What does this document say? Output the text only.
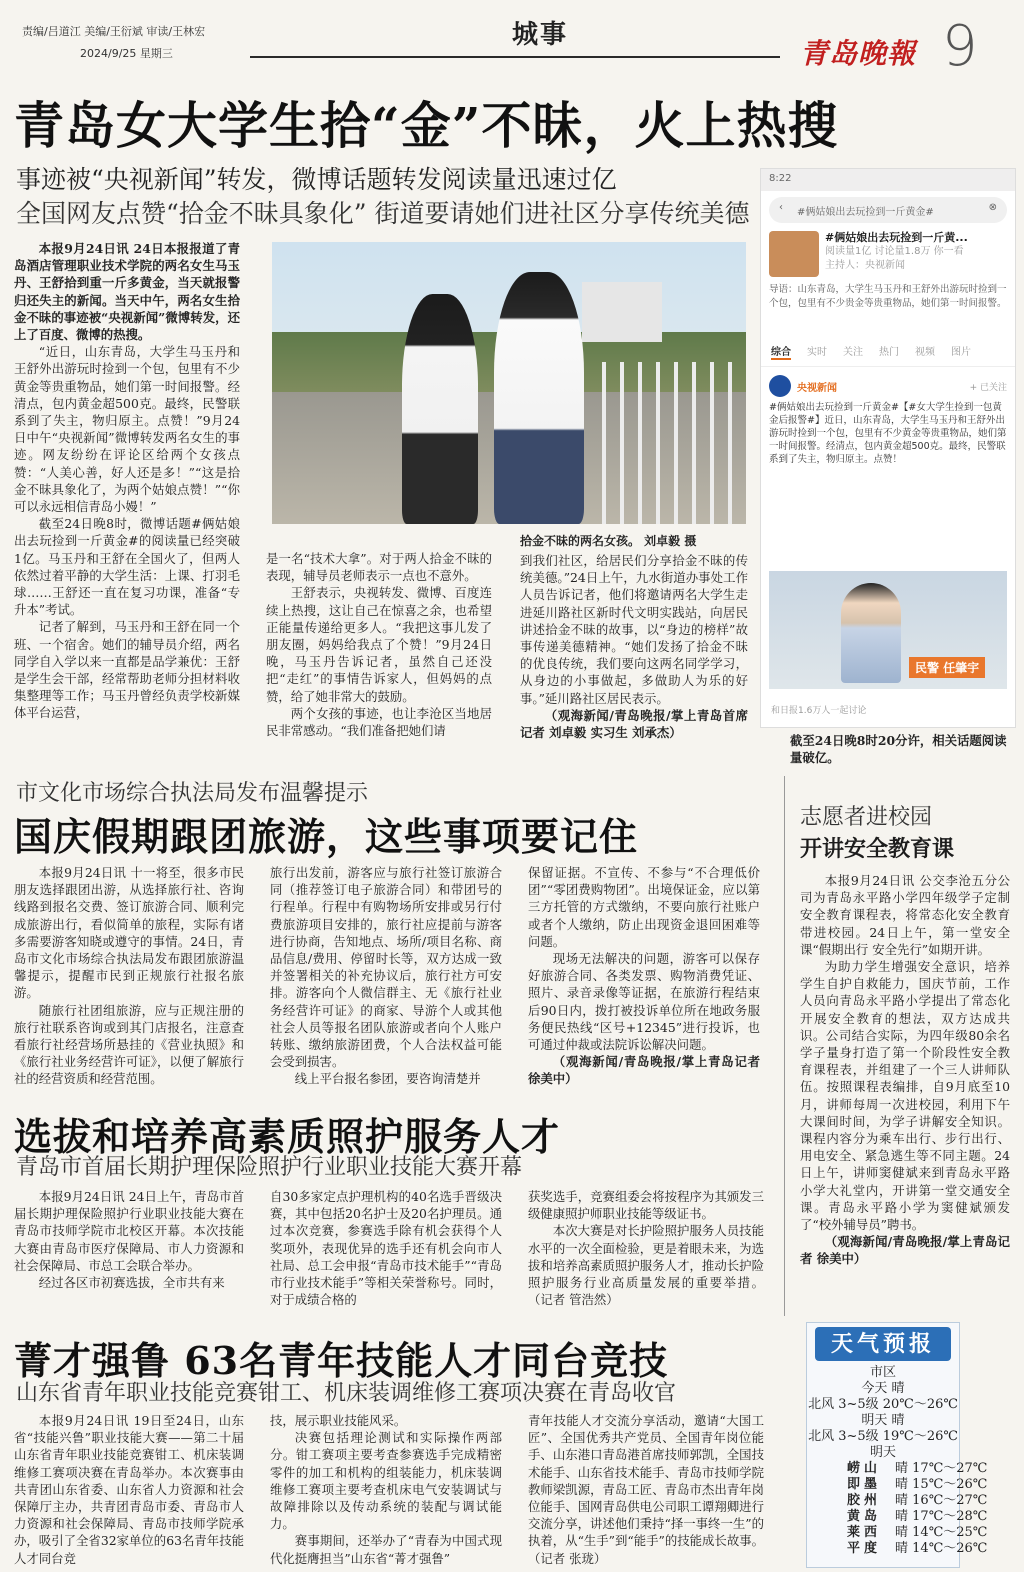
责编/吕道江 美编/王衍斌 审读/王林宏
2024/9/25 星期三
城事
青岛晚報 9
青岛女大学生拾“金”不昧，火上热搜
事迹被“央视新闻”转发，微博话题转发阅读量迅速过亿
全国网友点赞“拾金不昧具象化” 街道要请她们进社区分享传统美德
拾金不昧的两名女孩。 刘卓毅 摄

本报9月24日讯 24日本报报道了青岛酒店管理职业技术学院的两名女生马玉丹、王舒拾到重一斤多黄金，当天就报警归还失主的新闻。当天中午，两名女生拾金不昧的事迹被“央视新闻”微博转发，还上了百度、微博的热搜。

“近日，山东青岛，大学生马玉丹和王舒外出游玩时捡到一个包，包里有不少黄金等贵重物品，她们第一时间报警。经清点，包内黄金超500克。最终，民警联系到了失主，物归原主。点赞！”9月24日中午“央视新闻”微博转发两名女生的事迹。网友纷纷在评论区给两个女孩点赞：“人美心善，好人还是多！”“这是拾金不昧具象化了，为两个姑娘点赞！”“你可以永远相信青岛小嫚！”

截至24日晚8时，微博话题#俩姑娘出去玩捡到一斤黄金#的阅读量已经突破1亿。马玉丹和王舒在全国火了，但两人依然过着平静的大学生活：上课、打羽毛球……王舒还一直在复习功课，准备“专升本”考试。

记者了解到，马玉丹和王舒在同一个班、一个宿舍。她们的辅导员介绍，两名同学自入学以来一直都是品学兼优：王舒是学生会干部，经常帮助老师分担材料收集整理等工作；马玉丹曾经负责学校新媒体平台运营，

是一名“技术大拿”。对于两人拾金不昧的表现，辅导员老师表示一点也不意外。

王舒表示，央视转发、微博、百度连续上热搜，这让自己在惊喜之余，也希望正能量传递给更多人。“我把这事儿发了朋友圈，妈妈给我点了个赞！”9月24日晚，马玉丹告诉记者，虽然自己还没把“走红”的事情告诉家人，但妈妈的点赞，给了她非常大的鼓励。

两个女孩的事迹，也让李沧区当地居民非常感动。“我们准备把她们请

到我们社区，给居民们分享拾金不昧的传统美德。”24日上午，九水街道办事处工作人员告诉记者，他们将邀请两名大学生走进延川路社区新时代文明实践站，向居民讲述拾金不昧的故事，以“身边的榜样”故事传递美德精神。“她们发扬了拾金不昧的优良传统，我们要向这两名同学学习，从身边的小事做起，多做助人为乐的好事。”延川路社区居民表示。

（观海新闻/青岛晚报/掌上青岛首席记者 刘卓毅 实习生 刘承杰）

8:22
‹ #俩姑娘出去玩捡到一斤黄金#	⊗
#俩姑娘出去玩捡到一斤黄...
阅读量1亿 讨论量1.8万 你一看
主持人：央视新闻
导语：山东青岛，大学生马玉丹和王舒外出游玩时捡到一个包，包里有不少贵金等贵重物品，她们第一时间报警。
综合 实时 关注 热门 视频 图片
央视新闻	+ 已关注
#俩姑娘出去玩捡到一斤黄金#【#女大学生捡到一包黄金后报警#】近日，山东青岛，大学生马玉丹和王舒外出游玩时捡到一个包，包里有不少黄金等贵重物品，她们第一时间报警。经清点，包内黄金超500克。最终，民警联系到了失主，物归原主。点赞！
民警 任肇宇
和日报1.6万人一起讨论
截至24日晚8时20分许，相关话题阅读量破亿。
市文化市场综合执法局发布温馨提示
国庆假期跟团旅游，这些事项要记住

本报9月24日讯 十一将至，很多市民朋友选择跟团出游，从选择旅行社、咨询线路到报名交费、签订旅游合同、顺利完成旅游出行，看似简单的旅程，实际有诸多需要游客知晓或遵守的事情。24日，青岛市文化市场综合执法局发布跟团旅游温馨提示，提醒市民到正规旅行社报名旅游。

随旅行社团组旅游，应与正规注册的旅行社联系咨询或到其门店报名，注意查看旅行社经营场所悬挂的《营业执照》和《旅行社业务经营许可证》，以便了解旅行社的经营资质和经营范围。

旅行出发前，游客应与旅行社签订旅游合同（推荐签订电子旅游合同）和带团号的行程单。行程中有购物场所安排或另行付费旅游项目安排的，旅行社应提前与游客进行协商，告知地点、场所/项目名称、商品信息/费用、停留时长等，双方达成一致并签署相关的补充协议后，旅行社方可安排。游客向个人微信群主、无《旅行社业务经营许可证》的商家、导游个人或其他社会人员等报名团队旅游或者向个人账户转账、缴纳旅游团费，个人合法权益可能会受到损害。

线上平台报名参团，要咨询清楚并

保留证据。不宣传、不参与“不合理低价团”“零团费购物团”。出境保证金，应以第三方托管的方式缴纳，不要向旅行社账户或者个人缴纳，防止出现资金退回困难等问题。

现场无法解决的问题，游客可以保存好旅游合同、各类发票、购物消费凭证、照片、录音录像等证据，在旅游行程结束后90日内，拨打被投诉单位所在地政务服务便民热线“区号+12345”进行投诉，也可通过仲裁或法院诉讼解决问题。

（观海新闻/青岛晚报/掌上青岛记者 徐美中）

志愿者进校园
开讲安全教育课

本报9月24日讯 公交李沧五分公司为青岛永平路小学四年级学子定制安全教育课程表，将常态化安全教育带进校园。24日上午，第一堂安全课“假期出行 安全先行”如期开讲。

为助力学生增强安全意识，培养学生自护自救能力，国庆节前，工作人员向青岛永平路小学提出了常态化开展安全教育的想法，双方达成共识。公司结合实际，为四年级80余名学子量身打造了第一个阶段性安全教育课程表，并组建了一个三人讲师队伍。按照课程表编排，自9月底至10月，讲师每周一次进校园，利用下午大课间时间，为学子讲解安全知识。课程内容分为乘车出行、步行出行、用电安全、紧急逃生等不同主题。24日上午，讲师窦健斌来到青岛永平路小学大礼堂内，开讲第一堂交通安全课。青岛永平路小学为窦健斌颁发了“校外辅导员”聘书。

（观海新闻/青岛晚报/掌上青岛记者 徐美中）

选拔和培养高素质照护服务人才
青岛市首届长期护理保险照护行业职业技能大赛开幕

本报9月24日讯 24日上午，青岛市首届长期护理保险照护行业职业技能大赛在青岛市技师学院市北校区开幕。本次技能大赛由青岛市医疗保障局、市人力资源和社会保障局、市总工会联合举办。

经过各区市初赛选拔，全市共有来

自30多家定点护理机构的40名选手晋级决赛，其中包括20名护士及20名护理员。通过本次竞赛，参赛选手除有机会获得个人奖项外，表现优异的选手还有机会向市人社局、总工会申报“青岛市技术能手”“青岛市行业技术能手”等相关荣誉称号。同时，对于成绩合格的

获奖选手，竞赛组委会将按程序为其颁发三级健康照护师职业技能等级证书。

本次大赛是对长护险照护服务人员技能水平的一次全面检验，更是着眼未来，为选拔和培养高素质照护服务人才，推动长护险照护服务行业高质量发展的重要举措。 （记者 管浩然）

菁才强鲁 63名青年技能人才同台竞技
山东省青年职业技能竞赛钳工、机床装调维修工赛项决赛在青岛收官

本报9月24日讯 19日至24日，山东省“技能兴鲁”职业技能大赛——第二十届山东省青年职业技能竞赛钳工、机床装调维修工赛项决赛在青岛举办。本次赛事由共青团山东省委、山东省人力资源和社会保障厅主办，共青团青岛市委、青岛市人力资源和社会保障局、青岛市技师学院承办，吸引了全省32家单位的63名青年技能人才同台竞

技，展示职业技能风采。

决赛包括理论测试和实际操作两部分。钳工赛项主要考查参赛选手完成精密零件的加工和机构的组装能力，机床装调维修工赛项主要考查机床电气安装调试与故障排除以及传动系统的装配与调试能力。

赛事期间，还举办了“青春为中国式现代化挺膺担当”山东省“菁才强鲁”

青年技能人才交流分享活动，邀请“大国工匠”、全国优秀共产党员、全国青年岗位能手、山东港口青岛港首席技师郭凯，全国技术能手、山东省技术能手、青岛市技师学院教师梁凯源，青岛工匠、青岛市杰出青年岗位能手、国网青岛供电公司职工谭翔卿进行交流分享，讲述他们秉持“择一事终一生”的执着，从“生手”到“能手”的技能成长故事。（记者 张珑）

天气预报
市区
今天 晴
北风 3~5级 20℃～26℃
明天 晴
北风 3~5级 19℃～26℃
明天
崂山 晴 17℃～27℃
即墨 晴 15℃～26℃
胶州 晴 16℃～27℃
黄岛 晴 17℃～28℃
莱西 晴 14℃～25℃
平度 晴 14℃～26℃
